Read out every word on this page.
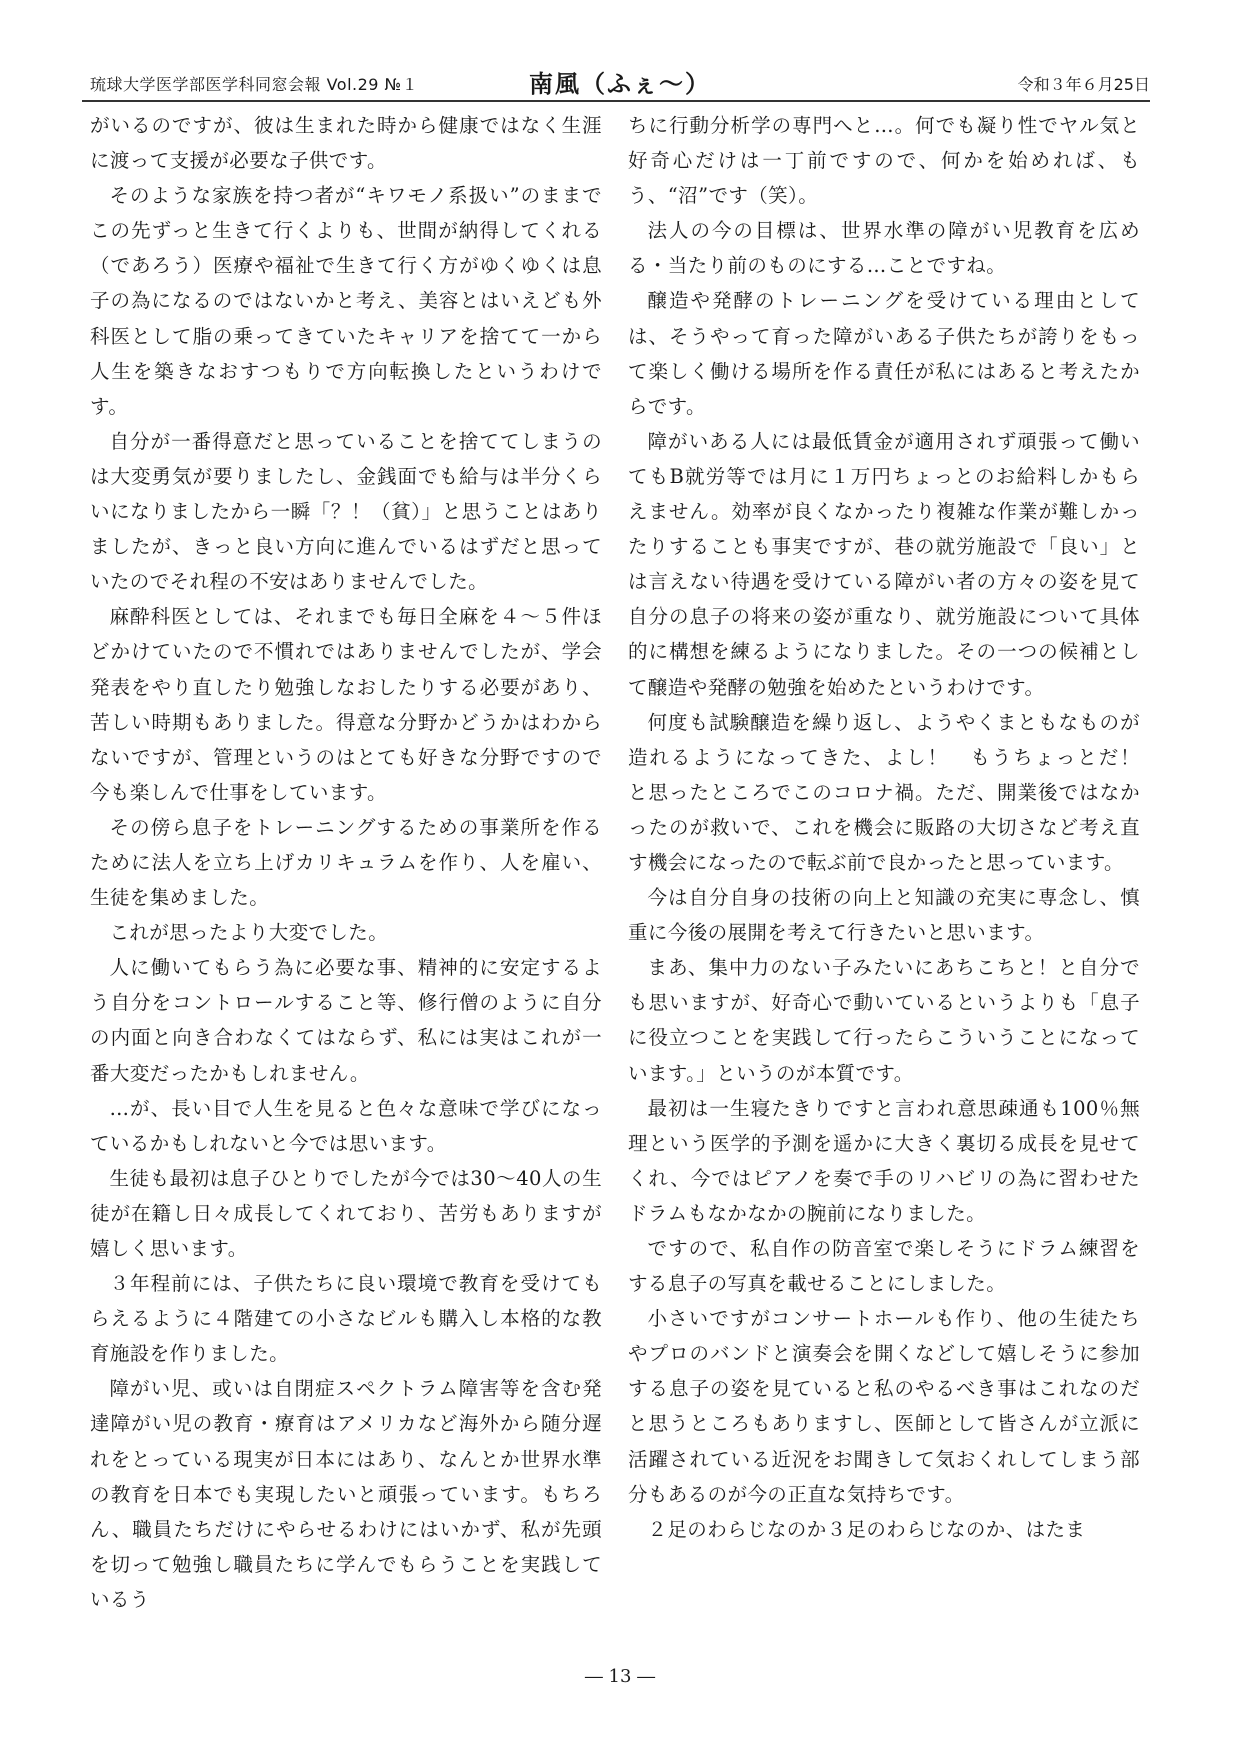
琉球大学医学部医学科同窓会報 Vol.29 №１	南風（ふぇ〜）	令和３年６月25日

がいるのですが、彼は生まれた時から健康ではなく生涯に渡って支援が必要な子供です。

そのような家族を持つ者が“キワモノ系扱い”のままでこの先ずっと生きて行くよりも、世間が納得してくれる（であろう）医療や福祉で生きて行く方がゆくゆくは息子の為になるのではないかと考え、美容とはいえども外科医として脂の乗ってきていたキャリアを捨てて一から人生を築きなおすつもりで方向転換したというわけです。

自分が一番得意だと思っていることを捨ててしまうのは大変勇気が要りましたし、金銭面でも給与は半分くらいになりましたから一瞬「？！（貧）」と思うことはありましたが、きっと良い方向に進んでいるはずだと思っていたのでそれ程の不安はありませんでした。

麻酔科医としては、それまでも毎日全麻を４〜５件ほどかけていたので不慣れではありませんでしたが、学会発表をやり直したり勉強しなおしたりする必要があり、苦しい時期もありました。得意な分野かどうかはわからないですが、管理というのはとても好きな分野ですので今も楽しんで仕事をしています。

その傍ら息子をトレーニングするための事業所を作るために法人を立ち上げカリキュラムを作り、人を雇い、生徒を集めました。

これが思ったより大変でした。

人に働いてもらう為に必要な事、精神的に安定するよう自分をコントロールすること等、修行僧のように自分の内面と向き合わなくてはならず、私には実はこれが一番大変だったかもしれません。

…が、長い目で人生を見ると色々な意味で学びになっているかもしれないと今では思います。

生徒も最初は息子ひとりでしたが今では30〜40人の生徒が在籍し日々成長してくれており、苦労もありますが嬉しく思います。

３年程前には、子供たちに良い環境で教育を受けてもらえるように４階建ての小さなビルも購入し本格的な教育施設を作りました。

障がい児、或いは自閉症スペクトラム障害等を含む発達障がい児の教育・療育はアメリカなど海外から随分遅れをとっている現実が日本にはあり、なんとか世界水準の教育を日本でも実現したいと頑張っています。もちろん、職員たちだけにやらせるわけにはいかず、私が先頭を切って勉強し職員たちに学んでもらうことを実践しているう

ちに行動分析学の専門へと…。何でも凝り性でヤル気と好奇心だけは一丁前ですので、何かを始めれば、もう、“沼”です（笑）。

法人の今の目標は、世界水準の障がい児教育を広める・当たり前のものにする…ことですね。

醸造や発酵のトレーニングを受けている理由としては、そうやって育った障がいある子供たちが誇りをもって楽しく働ける場所を作る責任が私にはあると考えたからです。

障がいある人には最低賃金が適用されず頑張って働いてもB就労等では月に１万円ちょっとのお給料しかもらえません。効率が良くなかったり複雑な作業が難しかったりすることも事実ですが、巷の就労施設で「良い」とは言えない待遇を受けている障がい者の方々の姿を見て自分の息子の将来の姿が重なり、就労施設について具体的に構想を練るようになりました。その一つの候補として醸造や発酵の勉強を始めたというわけです。

何度も試験醸造を繰り返し、ようやくまともなものが造れるようになってきた、よし！　もうちょっとだ！　と思ったところでこのコロナ禍。ただ、開業後ではなかったのが救いで、これを機会に販路の大切さなど考え直す機会になったので転ぶ前で良かったと思っています。

今は自分自身の技術の向上と知識の充実に専念し、慎重に今後の展開を考えて行きたいと思います。

まあ、集中力のない子みたいにあちこちと！と自分でも思いますが、好奇心で動いているというよりも「息子に役立つことを実践して行ったらこういうことになっています。」というのが本質です。

最初は一生寝たきりですと言われ意思疎通も100％無理という医学的予測を遥かに大きく裏切る成長を見せてくれ、今ではピアノを奏で手のリハビリの為に習わせたドラムもなかなかの腕前になりました。

ですので、私自作の防音室で楽しそうにドラム練習をする息子の写真を載せることにしました。

小さいですがコンサートホールも作り、他の生徒たちやプロのバンドと演奏会を開くなどして嬉しそうに参加する息子の姿を見ていると私のやるべき事はこれなのだと思うところもありますし、医師として皆さんが立派に活躍されている近況をお聞きして気おくれしてしまう部分もあるのが今の正直な気持ちです。

２足のわらじなのか３足のわらじなのか、はたま

― 13 ―
